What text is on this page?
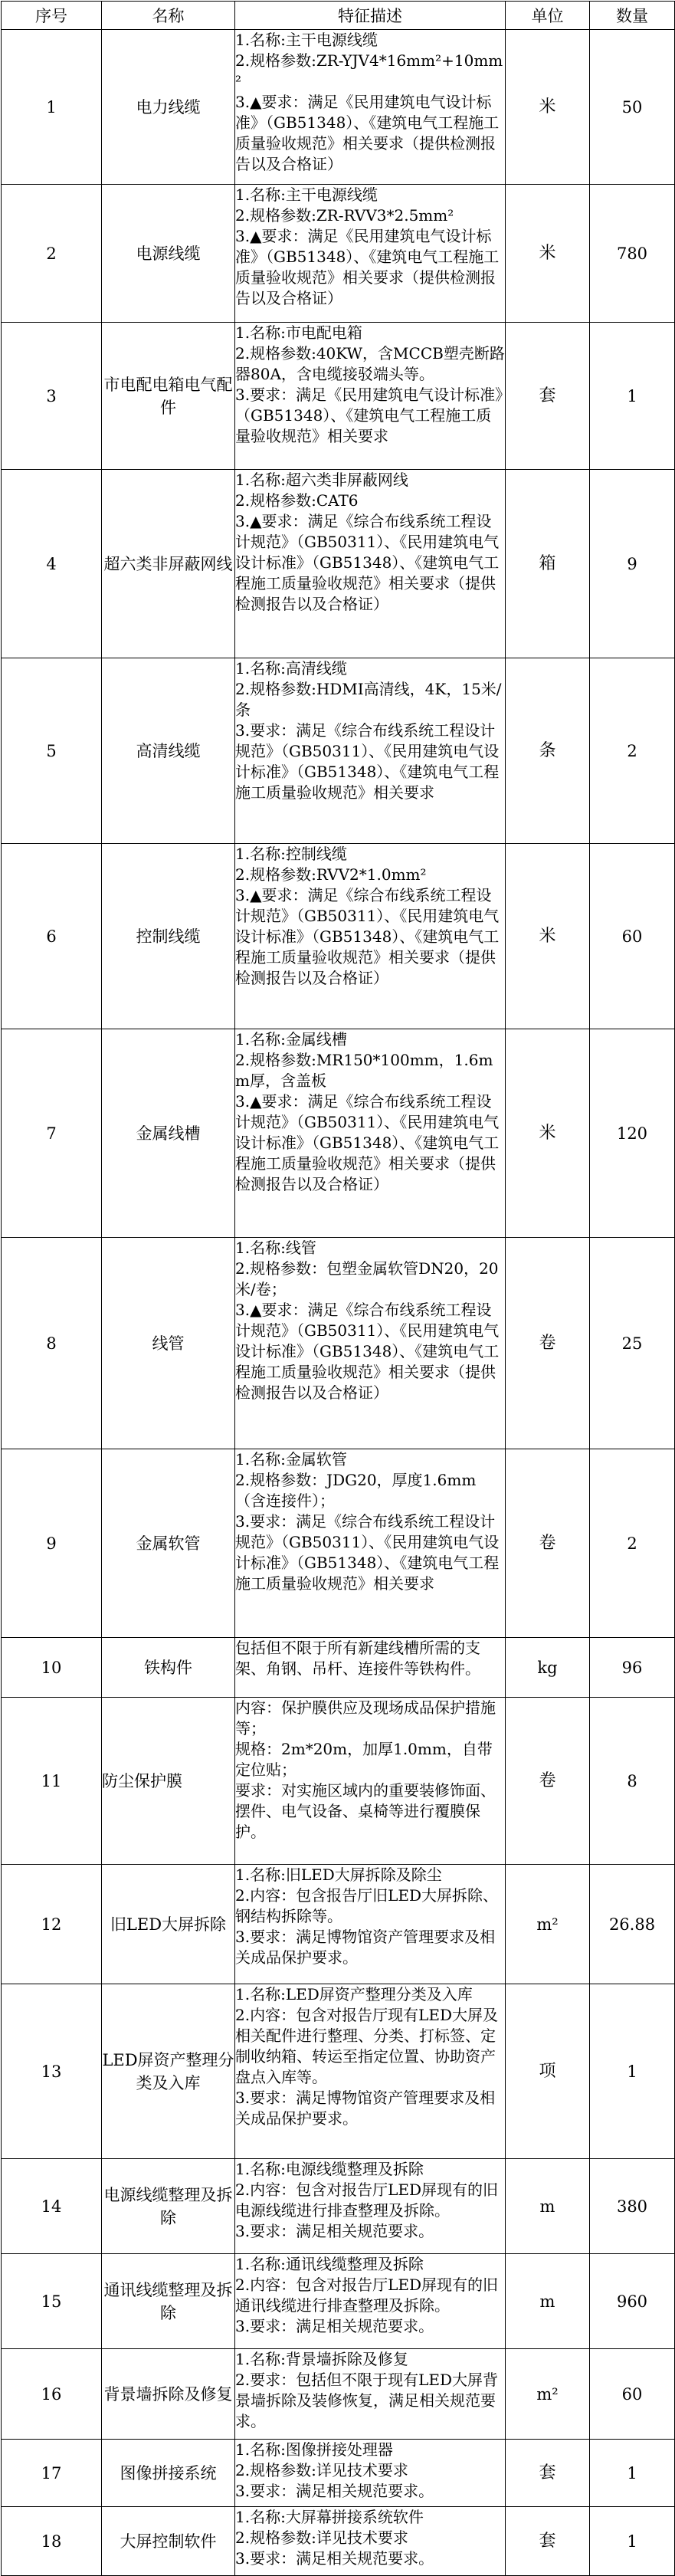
序号	名称	特征描述	单位	数量
1	电力线缆	1.名称:主干电源线缆
2.规格参数:ZR-YJV4*16mm²+10mm²
3.▲要求：满足《民用建筑电气设计标准》（GB51348）、《建筑电气工程施工质量验收规范》相关要求（提供检测报告以及合格证）	米	50
2	电源线缆	1.名称:主干电源线缆
2.规格参数:ZR-RVV3*2.5mm²
3.▲要求：满足《民用建筑电气设计标准》（GB51348）、《建筑电气工程施工质量验收规范》相关要求（提供检测报告以及合格证）	米	780
3	市电配电箱电气配件	1.名称:市电配电箱
2.规格参数:40KW，含MCCB塑壳断路器80A，含电缆接驳端头等。
3.要求：满足《民用建筑电气设计标准》（GB51348）、《建筑电气工程施工质量验收规范》相关要求	套	1
4	超六类非屏蔽网线	1.名称:超六类非屏蔽网线
2.规格参数:CAT6
3.▲要求：满足《综合布线系统工程设计规范》（GB50311）、《民用建筑电气设计标准》（GB51348）、《建筑电气工程施工质量验收规范》相关要求（提供检测报告以及合格证）	箱	9
5	高清线缆	1.名称:高清线缆
2.规格参数:HDMI高清线，4K，15米/条
3.要求：满足《综合布线系统工程设计规范》（GB50311）、《民用建筑电气设计标准》（GB51348）、《建筑电气工程施工质量验收规范》相关要求	条	2
6	控制线缆	1.名称:控制线缆
2.规格参数:RVV2*1.0mm²
3.▲要求：满足《综合布线系统工程设计规范》（GB50311）、《民用建筑电气设计标准》（GB51348）、《建筑电气工程施工质量验收规范》相关要求（提供检测报告以及合格证）	米	60
7	金属线槽	1.名称:金属线槽
2.规格参数:MR150*100mm，1.6mm厚，含盖板
3.▲要求：满足《综合布线系统工程设计规范》（GB50311）、《民用建筑电气设计标准》（GB51348）、《建筑电气工程施工质量验收规范》相关要求（提供检测报告以及合格证）	米	120
8	线管	1.名称:线管
2.规格参数：包塑金属软管DN20，20米/卷；
3.▲要求：满足《综合布线系统工程设计规范》（GB50311）、《民用建筑电气设计标准》（GB51348）、《建筑电气工程施工质量验收规范》相关要求（提供检测报告以及合格证）	卷	25
9	金属软管	1.名称:金属软管
2.规格参数：JDG20，厚度1.6mm（含连接件）；
3.要求：满足《综合布线系统工程设计规范》（GB50311）、《民用建筑电气设计标准》（GB51348）、《建筑电气工程施工质量验收规范》相关要求	卷	2
10	铁构件	包括但不限于所有新建线槽所需的支架、角钢、吊杆、连接件等铁构件。	kg	96
11	防尘保护膜	内容：保护膜供应及现场成品保护措施等；
规格：2m*20m，加厚1.0mm，自带定位贴；
要求：对实施区域内的重要装修饰面、摆件、电气设备、桌椅等进行覆膜保护。	卷	8
12	旧LED大屏拆除	1.名称:旧LED大屏拆除及除尘
2.内容：包含报告厅旧LED大屏拆除、钢结构拆除等。
3.要求：满足博物馆资产管理要求及相关成品保护要求。	m²	26.88
13	LED屏资产整理分类及入库	1.名称:LED屏资产整理分类及入库
2.内容：包含对报告厅现有LED大屏及相关配件进行整理、分类、打标签、定制收纳箱、转运至指定位置、协助资产盘点入库等。
3.要求：满足博物馆资产管理要求及相关成品保护要求。	项	1
14	电源线缆整理及拆除	1.名称:电源线缆整理及拆除
2.内容：包含对报告厅LED屏现有的旧电源线缆进行排查整理及拆除。
3.要求：满足相关规范要求。	m	380
15	通讯线缆整理及拆除	1.名称:通讯线缆整理及拆除
2.内容：包含对报告厅LED屏现有的旧通讯线缆进行排查整理及拆除。
3.要求：满足相关规范要求。	m	960
16	背景墙拆除及修复	1.名称:背景墙拆除及修复
2.要求：包括但不限于现有LED大屏背景墙拆除及装修恢复，满足相关规范要求。	m²	60
17	图像拼接系统	1.名称:图像拼接处理器
2.规格参数:详见技术要求
3.要求：满足相关规范要求。	套	1
18	大屏控制软件	1.名称:大屏幕拼接系统软件
2.规格参数:详见技术要求
3.要求：满足相关规范要求。	套	1
